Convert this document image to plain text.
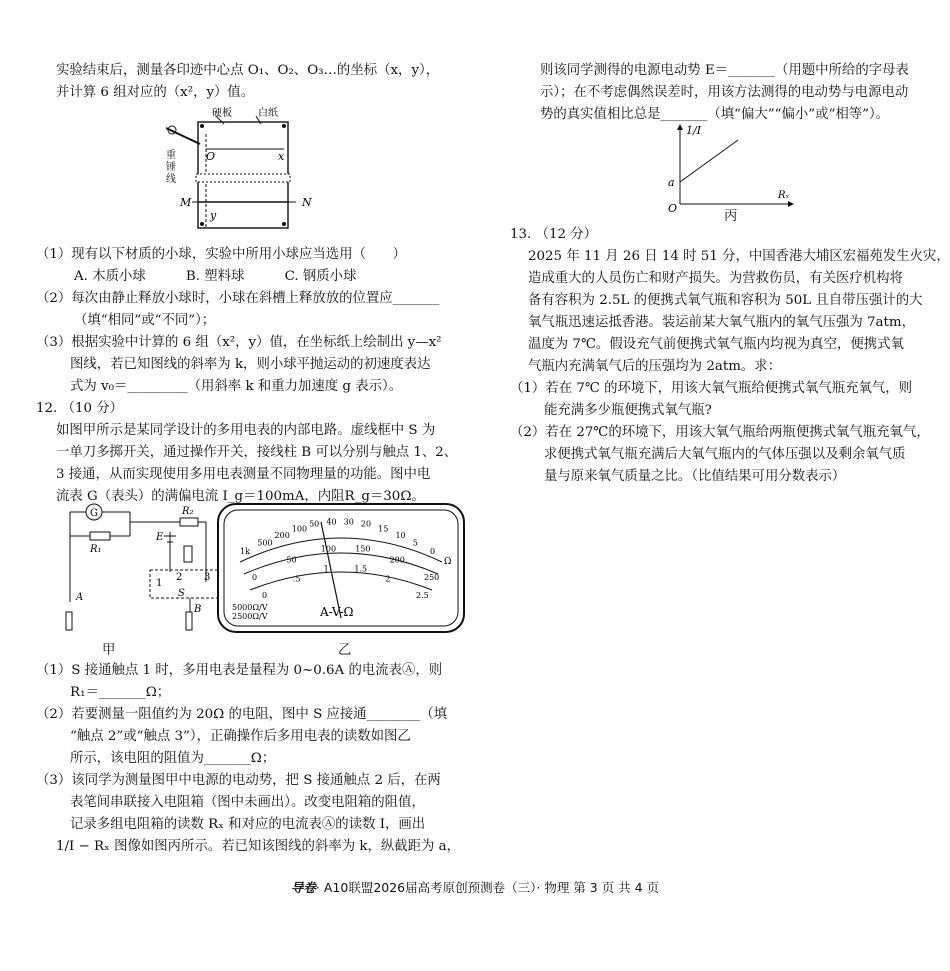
实验结束后，测量各印迹中心点 O₁、O₂、O₃…的坐标（x，y），
并计算 6 组对应的（x²，y）值。
硬板	白纸
O	x
y
M	N
重锤线
（1）现有以下材质的小球，实验中所用小球应当选用（　　）
A. 木质小球　　　B. 塑料球　　　C. 钢质小球
（2）每次由静止释放小球时，小球在斜槽上释放放的位置应_______
（填“相同”或“不同”）；
（3）根据实验中计算的 6 组（x²，y）值，在坐标纸上绘制出 y—x²
图线，若已知图线的斜率为 k，则小球平抛运动的初速度表达
式为 v₀＝_________（用斜率 k 和重力加速度 g 表示）。
12. （10 分）
如图甲所示是某同学设计的多用电表的内部电路。虚线框中 S 为
一单刀多掷开关，通过操作开关，接线柱 B 可以分别与触点 1、2、
3 接通，从而实现使用多用电表测量不同物理量的功能。图中电
流表 G（表头）的满偏电流 I_g＝100mA，内阻R_g＝30Ω。
G
R₁
R₂
E
1
2 3
S
B
A
甲
1k
500
200
100
50 40 30 20
15
10
5
0
0
50
100 150
200
250
0
.5
1	1.5
2
2.5
A-V-Ω
5000Ω/V
2500Ω/V
Ω
乙
（1）S 接通触点 1 时，多用电表是量程为 0~0.6A 的电流表Ⓐ，则
R₁＝_______Ω；
（2）若要测量一阻值约为 20Ω 的电阻，图中 S 应接通________（填
“触点 2”或“触点 3”），正确操作后多用电表的读数如图乙
所示，该电阻的阻值为_______Ω；
（3）该同学为测量图甲中电源的电动势，把 S 接通触点 2 后，在两
表笔间串联接入电阻箱（图中未画出）。改变电阻箱的阻值，
记录多组电阻箱的读数 Rₓ 和对应的电流表Ⓐ的读数 I，画出
1/I − Rₓ 图像如图丙所示。若已知该图线的斜率为 k，纵截距为 a，
则该同学测得的电源电动势 E＝_______（用题中所给的字母表
示）；在不考虑偶然误差时，用该方法测得的电动势与电源电动
势的真实值相比总是_______（填“偏大”“偏小”或“相等”）。
1/I
a
O
Rₓ
丙
13. （12 分）
2025 年 11 月 26 日 14 时 51 分，中国香港大埔区宏福苑发生火灾，
造成重大的人员伤亡和财产损失。为营救伤员，有关医疗机构将
备有容积为 2.5L 的便携式氧气瓶和容积为 50L 且自带压强计的大
氧气瓶迅速运抵香港。装运前某大氧气瓶内的氧气压强为 7atm，
温度为 7℃。假设充气前便携式氧气瓶内均视为真空，便携式氧
气瓶内充满氧气后的压强均为 2atm。求：
（1）若在 7℃ 的环境下，用该大氧气瓶给便携式氧气瓶充氧气，则
能充满多少瓶便携式氧气瓶?
（2）若在 27℃的环境下，用该大氧气瓶给两瓶便携式氧气瓶充氧气，
求便携式氧气瓶充满后大氧气瓶内的气体压强以及剩余氧气质
量与原来氧气质量之比。（比值结果可用分数表示）
导卷· A10联盟2026届高考原创预测卷（三）· 物理 第 3 页 共 4 页
